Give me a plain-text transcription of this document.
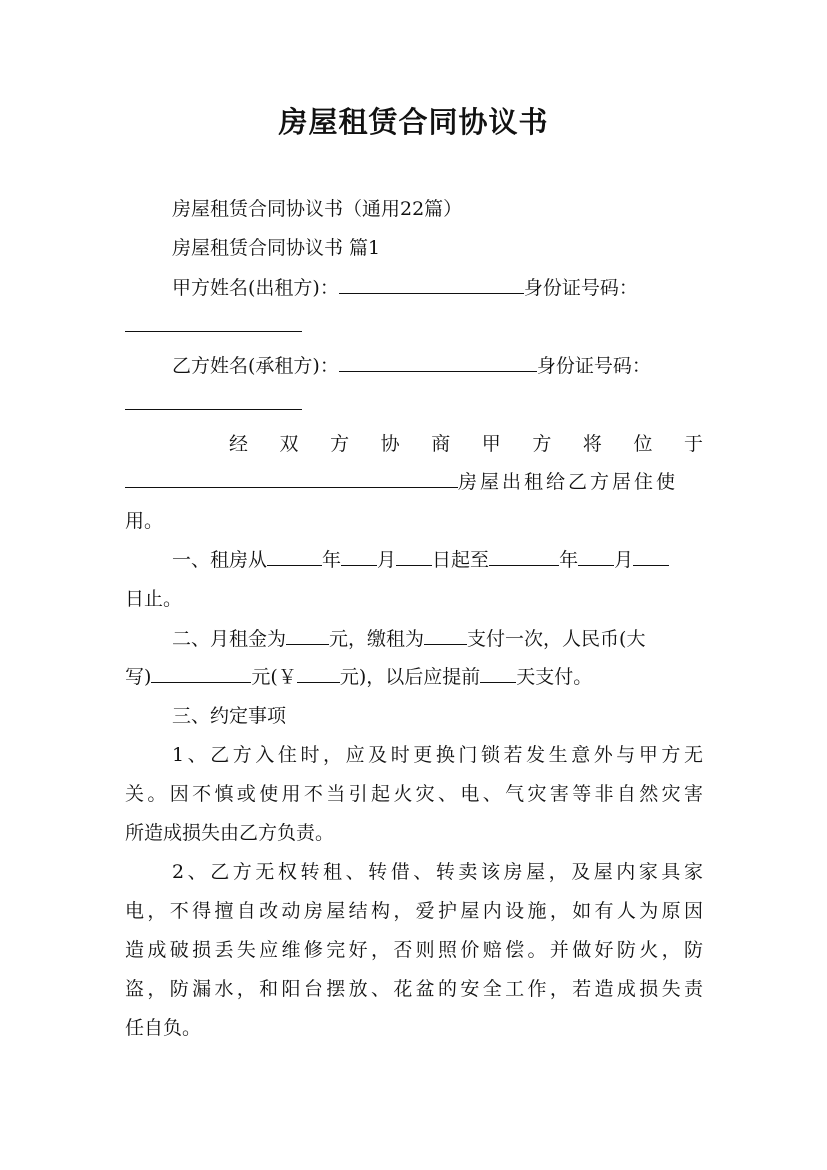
房屋租赁合同协议书
房屋租赁合同协议书（通用22篇）
房屋租赁合同协议书 篇1
甲方姓名(出租方)：	身份证号码：
乙方姓名(承租方)：	身份证号码：
经 双 方 协 商 甲 方 将 位 于
房屋出租给乙方居住使
用。
一、租房从	年 月 日起至	年 月
日止。
二、月租金为 元，缴租为 支付一次，人民币(大
写)	元(￥ 元)，以后应提前 天支付。
三、约定事项
1、乙方入住时，应及时更换门锁若发生意外与甲方无
关。因不慎或使用不当引起火灾、电、气灾害等非自然灾害
所造成损失由乙方负责。
2、乙方无权转租、转借、转卖该房屋，及屋内家具家
电，不得擅自改动房屋结构，爱护屋内设施，如有人为原因
造成破损丢失应维修完好，否则照价赔偿。并做好防火，防
盗，防漏水，和阳台摆放、花盆的安全工作，若造成损失责
任自负。
